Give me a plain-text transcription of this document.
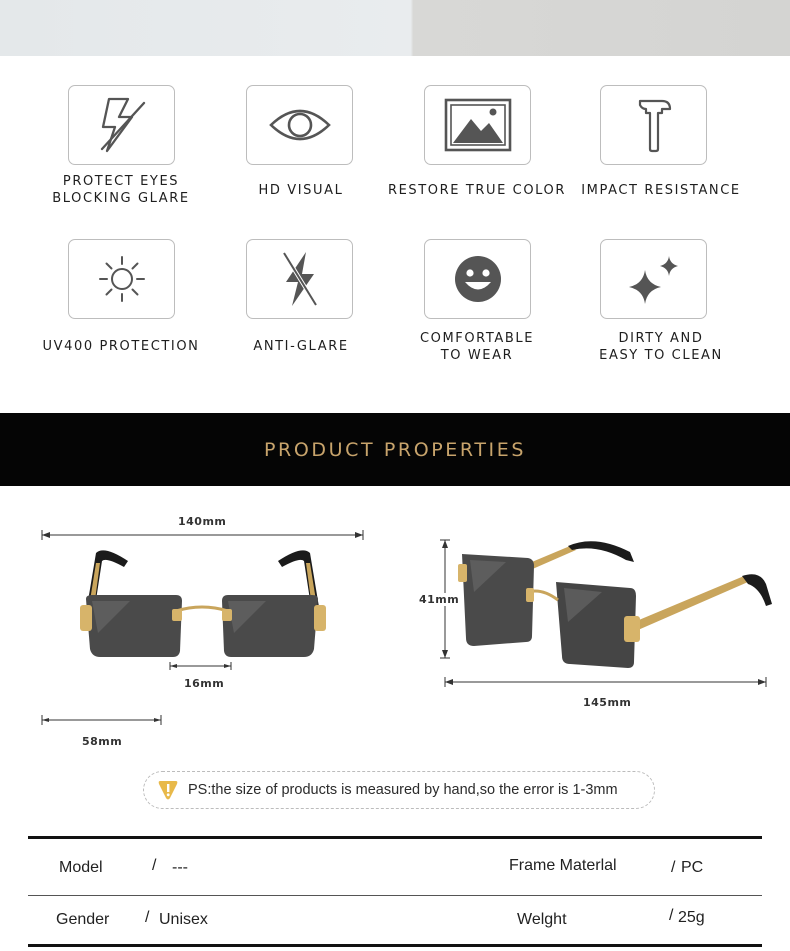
PROTECT EYES
BLOCKING GLARE
HD VISUAL	RESTORE TRUE COLOR	IMPACT RESISTANCE
UV400 PROTECTION	ANTI-GLARE
COMFORTABLE
TO WEAR
DIRTY AND
EASY TO CLEAN
PRODUCT PROPERTIES
140mm
16mm
58mm
41mm
145mm
PS:the size of products is measured by hand,so the error is 1-3mm
Model	/ ---	Frame Materlal	/ PC
Gender / Unisex	Welght	/ 25g
